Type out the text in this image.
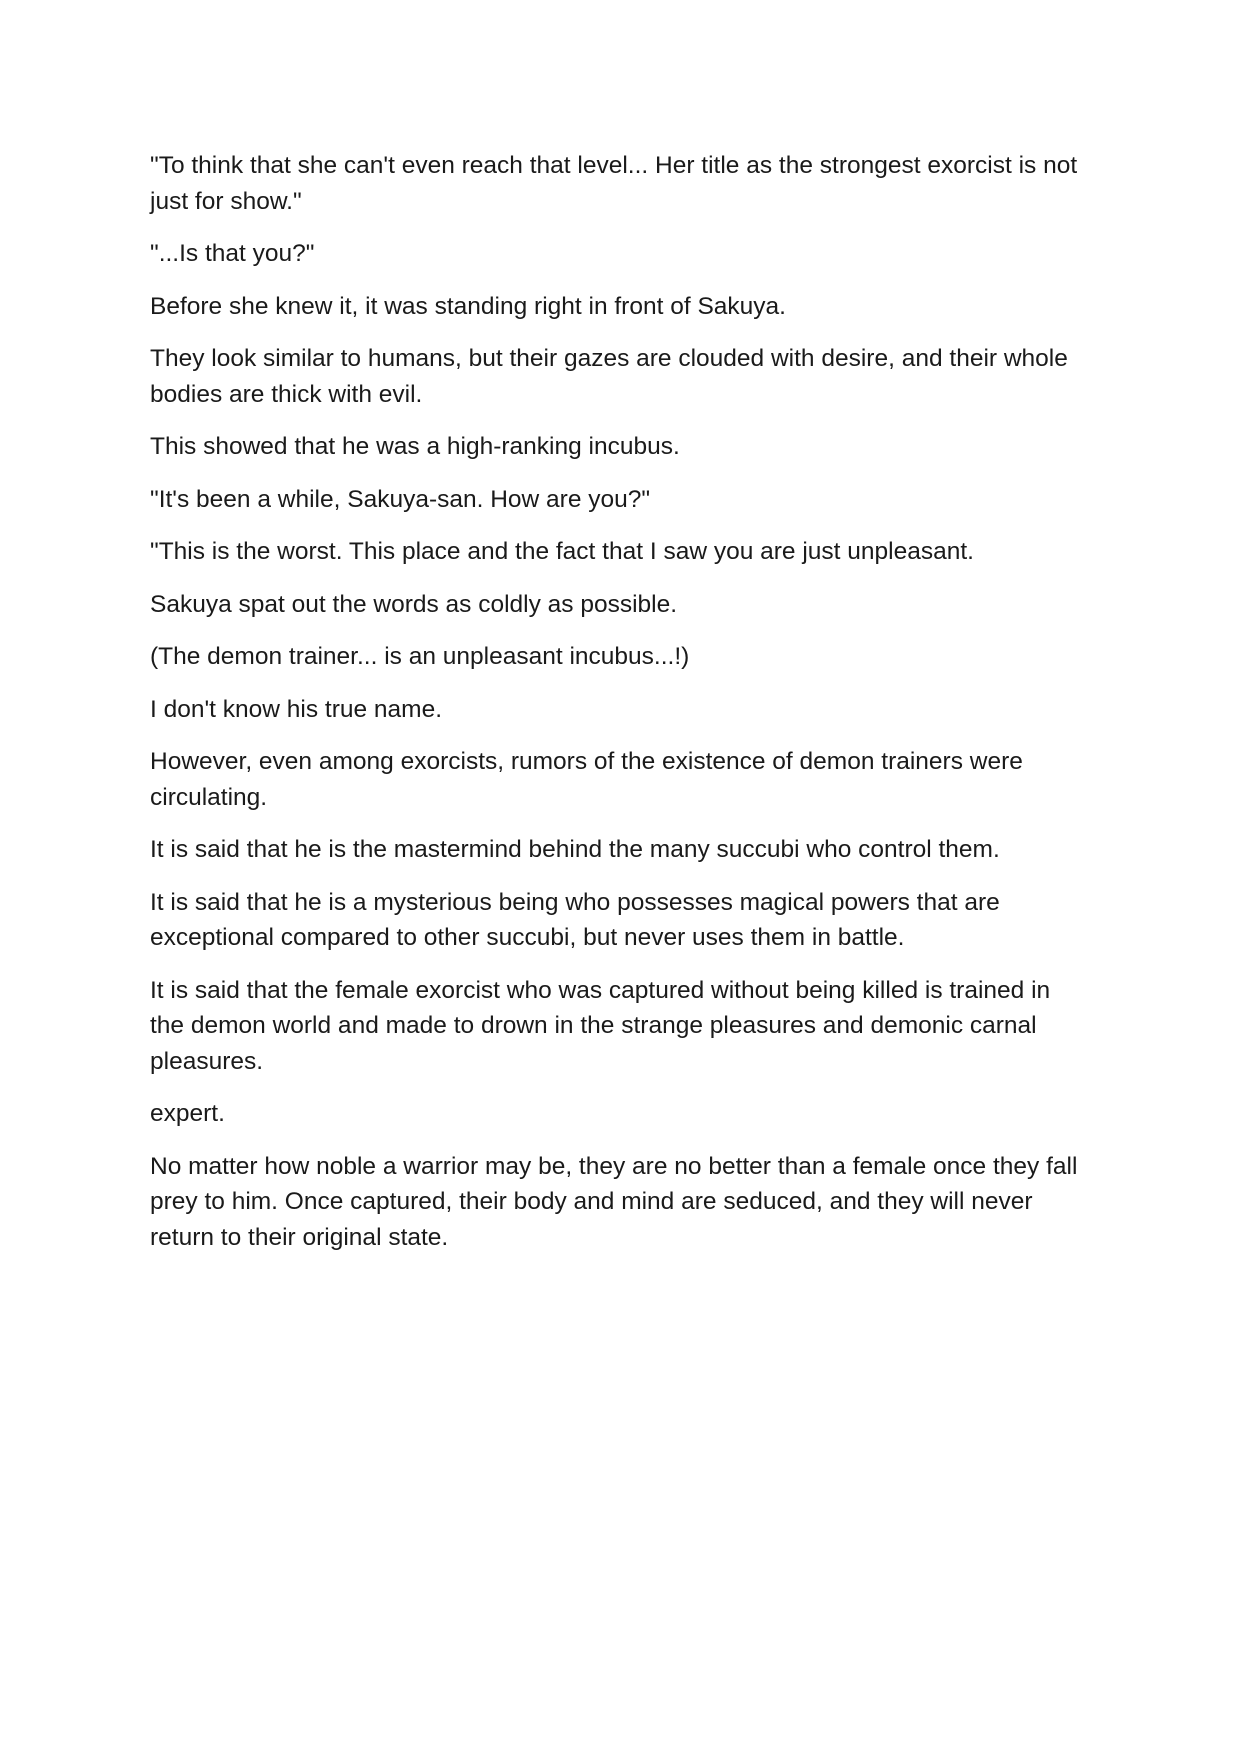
"To think that she can't even reach that level... Her title as the strongest exorcist is not just for show."

"...Is that you?"

Before she knew it, it was standing right in front of Sakuya.

They look similar to humans, but their gazes are clouded with desire, and their whole bodies are thick with evil.

This showed that he was a high-ranking incubus.

"It's been a while, Sakuya-san. How are you?"

"This is the worst. This place and the fact that I saw you are just unpleasant.

Sakuya spat out the words as coldly as possible.

(The demon trainer... is an unpleasant incubus...!)

I don't know his true name.

However, even among exorcists, rumors of the existence of demon trainers were circulating.

It is said that he is the mastermind behind the many succubi who control them.

It is said that he is a mysterious being who possesses magical powers that are exceptional compared to other succubi, but never uses them in battle.

It is said that the female exorcist who was captured without being killed is trained in the demon world and made to drown in the strange pleasures and demonic carnal pleasures.

expert.

No matter how noble a warrior may be, they are no better than a female once they fall prey to him. Once captured, their body and mind are seduced, and they will never return to their original state.
